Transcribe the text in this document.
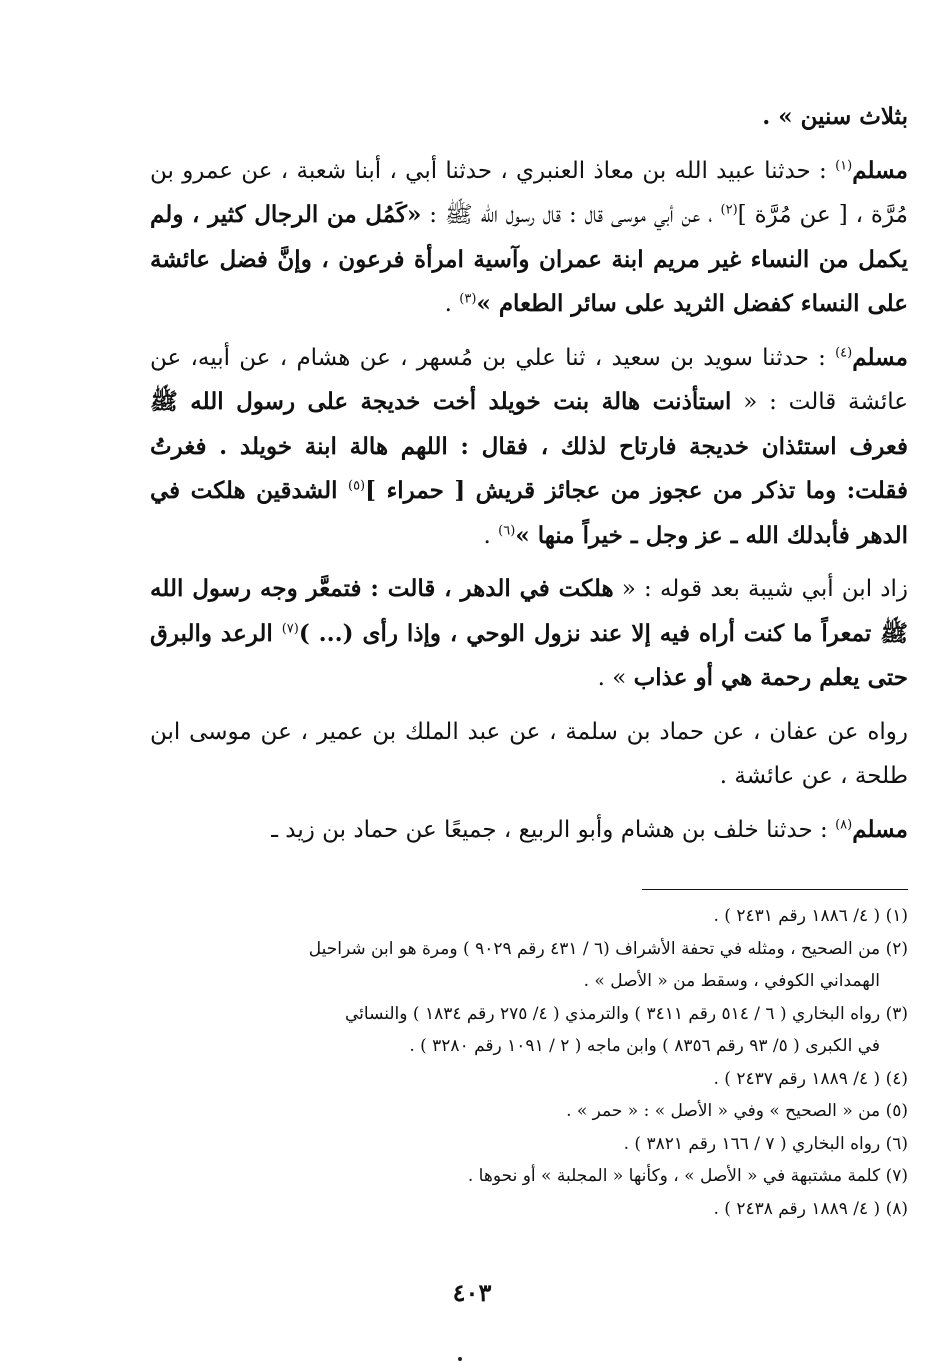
بثلاث سنين » .

مسلم$^{(١)}$ : حدثنا عبيد الله بن معاذ العنبري ، حدثنا أبي ، أبنا شعبة ، عن عمرو بن مُرَّة ، [ عن مُرَّة ]$^{(٢)}$ ، عن أبي موسى قال : قال رسول الله ﷺ : «كَمُل من الرجال كثير ، ولم يكمل من النساء غير مريم ابنة عمران وآسية امرأة فرعون ، وإنَّ فضل عائشة على النساء كفضل الثريد على سائر الطعام »$^{(٣)}$ .

مسلم$^{(٤)}$ : حدثنا سويد بن سعيد ، ثنا علي بن مُسهر ، عن هشام ، عن أبيه، عن عائشة قالت : « استأذنت هالة بنت خويلد أخت خديجة على رسول الله ﷺ فعرف استئذان خديجة فارتاح لذلك ، فقال : اللهم هالة ابنة خويلد . فغرتُ فقلت: وما تذكر من عجوز من عجائز قريش [ حمراء ]$^{(٥)}$ الشدقين هلكت في الدهر فأبدلك الله ـ عز وجل ـ خيراً منها »$^{(٦)}$ .

زاد ابن أبي شيبة بعد قوله : « هلكت في الدهر ، قالت : فتمعَّر وجه رسول الله ﷺ تمعراً ما كنت أراه فيه إلا عند نزول الوحي ، وإذا رأى (... )$^{(٧)}$ الرعد والبرق حتى يعلم رحمة هي أو عذاب » .

رواه عن عفان ، عن حماد بن سلمة ، عن عبد الملك بن عمير ، عن موسى ابن طلحة ، عن عائشة .

مسلم$^{(٨)}$ : حدثنا خلف بن هشام وأبو الربيع ، جميعًا عن حماد بن زيد ـ

(١) ( ٤/ ١٨٨٦ رقم ٢٤٣١ ) .

(٢) من الصحيح ، ومثله في تحفة الأشراف (٦ / ٤٣١ رقم ٩٠٢٩ ) ومرة هو ابن شراحيل
الهمداني الكوفي ، وسقط من « الأصل » .

(٣) رواه البخاري ( ٦ / ٥١٤ رقم ٣٤١١ ) والترمذي ( ٤/ ٢٧٥ رقم ١٨٣٤ ) والنسائي
في الكبرى ( ٥/ ٩٣ رقم ٨٣٥٦ ) وابن ماجه ( ٢ / ١٠٩١ رقم ٣٢٨٠ ) .

(٤) ( ٤/ ١٨٨٩ رقم ٢٤٣٧ ) .

(٥) من « الصحيح » وفي « الأصل » : « حمر » .

(٦) رواه البخاري ( ٧ / ١٦٦ رقم ٣٨٢١ ) .

(٧) كلمة مشتبهة في « الأصل » ، وكأنها « المجلبة » أو نحوها .

(٨) ( ٤/ ١٨٨٩ رقم ٢٤٣٨ ) .

٤٠٣
